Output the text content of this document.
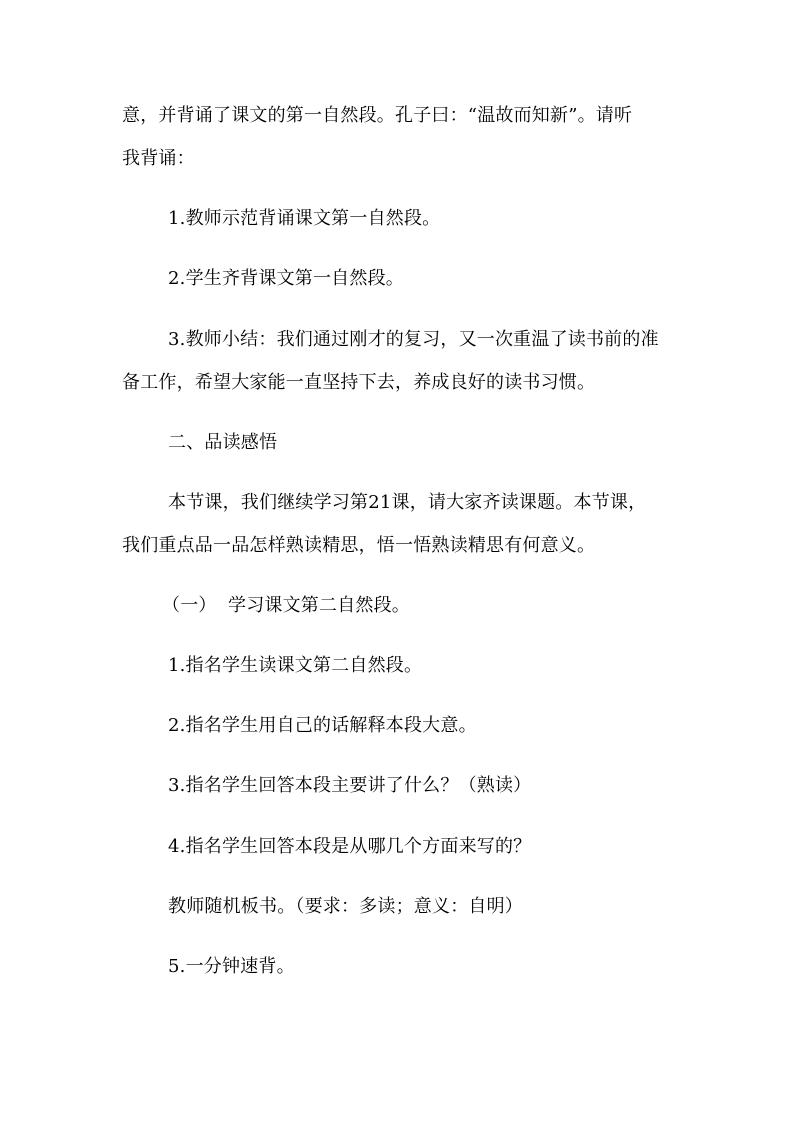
意，并背诵了课文的第一自然段。孔子曰：“温故而知新”。请听
我背诵：
1.教师示范背诵课文第一自然段。
2.学生齐背课文第一自然段。
3.教师小结：我们通过刚才的复习，又一次重温了读书前的准
备工作，希望大家能一直坚持下去，养成良好的读书习惯。
二、品读感悟
本节课，我们继续学习第21课，请大家齐读课题。本节课，
我们重点品一品怎样熟读精思，悟一悟熟读精思有何意义。
（一） 学习课文第二自然段。
1.指名学生读课文第二自然段。
2.指名学生用自己的话解释本段大意。
3.指名学生回答本段主要讲了什么？（熟读）
4.指名学生回答本段是从哪几个方面来写的？
教师随机板书。（要求：多读；意义：自明）
5.一分钟速背。
